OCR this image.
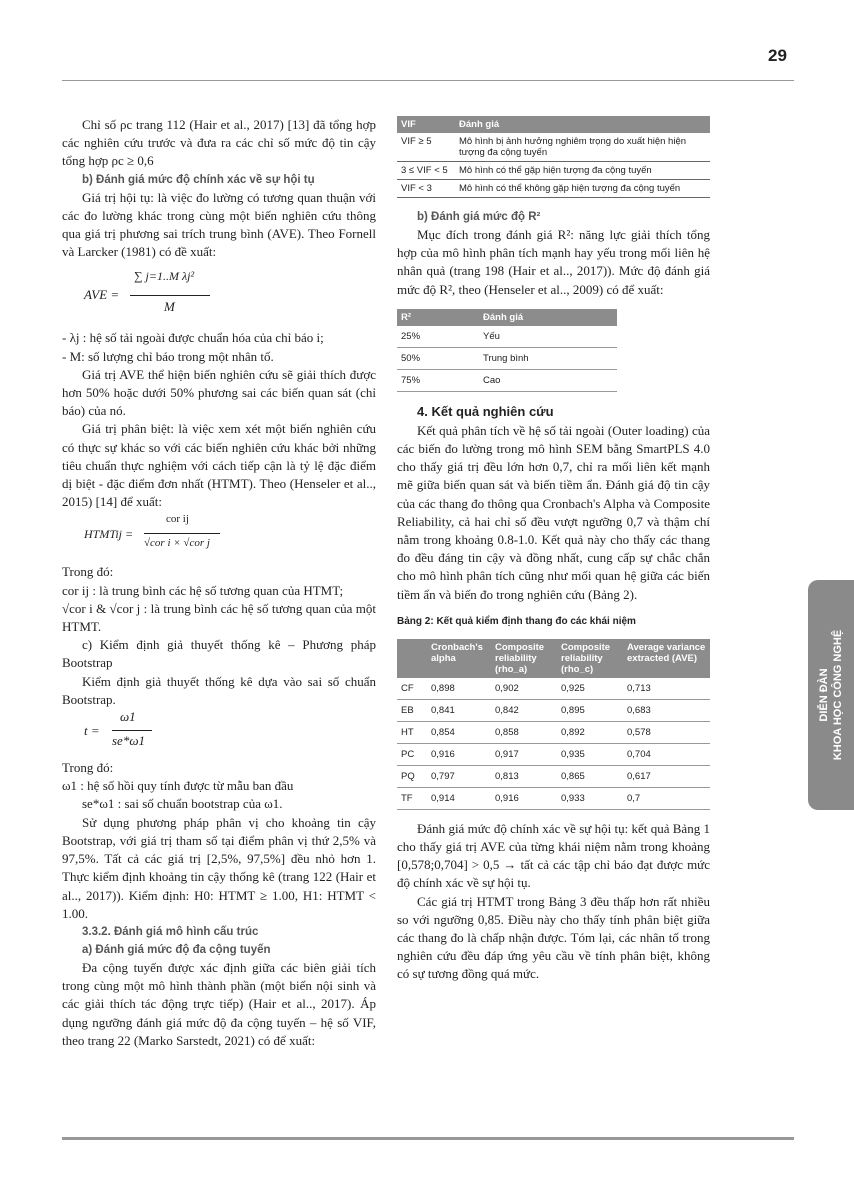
29
DIỄN ĐÀN KHOA HỌC CÔNG NGHỆ

Chỉ số ρc trang 112 (Hair et al., 2017) [13] đã tổng hợp các nghiên cứu trước và đưa ra các chỉ số mức độ tin cậy tổng hợp ρc ≥ 0,6

b) Đánh giá mức độ chính xác về sự hội tụ

Giá trị hội tụ: là việc đo lường có tương quan thuận với các đo lường khác trong cùng một biến nghiên cứu thông qua giá trị phương sai trích trung bình (AVE). Theo Fornell và Larcker (1981) có đề xuất:

AVE =
∑ j=1..M λj²
M

- λj : hệ số tải ngoài được chuẩn hóa của chỉ báo i;

- M: số lượng chỉ báo trong một nhân tố.

Giá trị AVE thể hiện biến nghiên cứu sẽ giải thích được hơn 50% hoặc dưới 50% phương sai các biến quan sát (chỉ báo) của nó.

Giá trị phân biệt: là việc xem xét một biến nghiên cứu có thực sự khác so với các biến nghiên cứu khác bởi những tiêu chuẩn thực nghiệm với cách tiếp cận là tỷ lệ đặc điểm dị biệt - đặc điểm đơn nhất (HTMT). Theo (Henseler et al.., 2015) [14] để xuất:

HTMTij =
cor ij
√cor i × √cor j

Trong đó:

cor ij : là trung bình các hệ số tương quan của HTMT;

√cor i & √cor j : là trung bình các hệ số tương quan của một HTMT.

c) Kiểm định giả thuyết thống kê – Phương pháp Bootstrap

Kiểm định giả thuyết thống kê dựa vào sai số chuẩn Bootstrap.

t =
ω1
se*ω1

Trong đó:

ω1 : hệ số hồi quy tính được từ mẫu ban đầu

se*ω1 : sai số chuẩn bootstrap của ω1.

Sử dụng phương pháp phân vị cho khoảng tin cậy Bootstrap, với giá trị tham số tại điểm phân vị thứ 2,5% và 97,5%. Tất cả các giá trị [2,5%, 97,5%] đều nhỏ hơn 1. Thực kiểm định khoảng tin cậy thống kê (trang 122 (Hair et al.., 2017)). Kiểm định: H0: HTMT ≥ 1.00, H1: HTMT < 1.00.

3.3.2. Đánh giá mô hình cấu trúc
a) Đánh giá mức độ đa cộng tuyến

Đa cộng tuyến được xác định giữa các biên giải tích trong cùng một mô hình thành phần (một biến nội sinh và các giải thích tác động trực tiếp) (Hair et al.., 2017). Áp dụng ngưỡng đánh giá mức độ đa cộng tuyến – hệ số VIF, theo trang 22 (Marko Sarstedt, 2021) có để xuất:

VIF	Đánh giá
VIF ≥ 5	Mô hình bị ảnh hưởng nghiêm trọng do xuất hiện hiện tượng đa cộng tuyến
3 ≤ VIF < 5	Mô hình có thể gặp hiện tượng đa cộng tuyến
VIF < 3	Mô hình có thể không gặp hiện tượng đa cộng tuyến
b) Đánh giá mức độ R²

Mục đích trong đánh giá R²: năng lực giải thích tổng hợp của mô hình phân tích mạnh hay yếu trong mối liên hệ nhân quả (trang 198 (Hair et al.., 2017)). Mức độ đánh giá mức độ R², theo (Henseler et al.., 2009) có để xuất:

R²	Đánh giá
25%	Yếu
50%	Trung bình
75%	Cao
4. Kết quả nghiên cứu

Kết quả phân tích về hệ số tải ngoài (Outer loading) của các biến đo lường trong mô hình SEM bằng SmartPLS 4.0 cho thấy giá trị đều lớn hơn 0,7, chỉ ra mối liên kết mạnh mẽ giữa biến quan sát và biến tiềm ẩn. Đánh giá độ tin cậy của các thang đo thông qua Cronbach's Alpha và Composite Reliability, cả hai chỉ số đều vượt ngưỡng 0,7 và thậm chí nằm trong khoảng 0.8-1.0. Kết quả này cho thấy các thang đo đều đáng tin cậy và đồng nhất, cung cấp sự chắc chắn cho mô hình phân tích cũng như mối quan hệ giữa các biến tiềm ẩn và biến đo trong nghiên cứu (Bảng 2).

Bảng 2: Kết quả kiểm định thang đo các khái niệm
	Cronbach's alpha	Composite reliability (rho_a)	Composite reliability (rho_c)	Average variance extracted (AVE)
CF	0,898	0,902	0,925	0,713
EB	0,841	0,842	0,895	0,683
HT	0,854	0,858	0,892	0,578
PC	0,916	0,917	0,935	0,704
PQ	0,797	0,813	0,865	0,617
TF	0,914	0,916	0,933	0,7

Đánh giá mức độ chính xác về sự hội tụ: kết quả Bảng 1 cho thấy giá trị AVE của từng khái niệm nằm trong khoảng [0,578;0,704] > 0,5 → tất cả các tập chỉ báo đạt được mức độ chính xác về sự hội tụ.

Các giá trị HTMT trong Bảng 3 đều thấp hơn rất nhiều so với ngưỡng 0,85. Điều này cho thấy tính phân biệt giữa các thang đo là chấp nhận được. Tóm lại, các nhân tố trong nghiên cứu đều đáp ứng yêu cầu về tính phân biệt, không có sự tương đồng quá mức.
